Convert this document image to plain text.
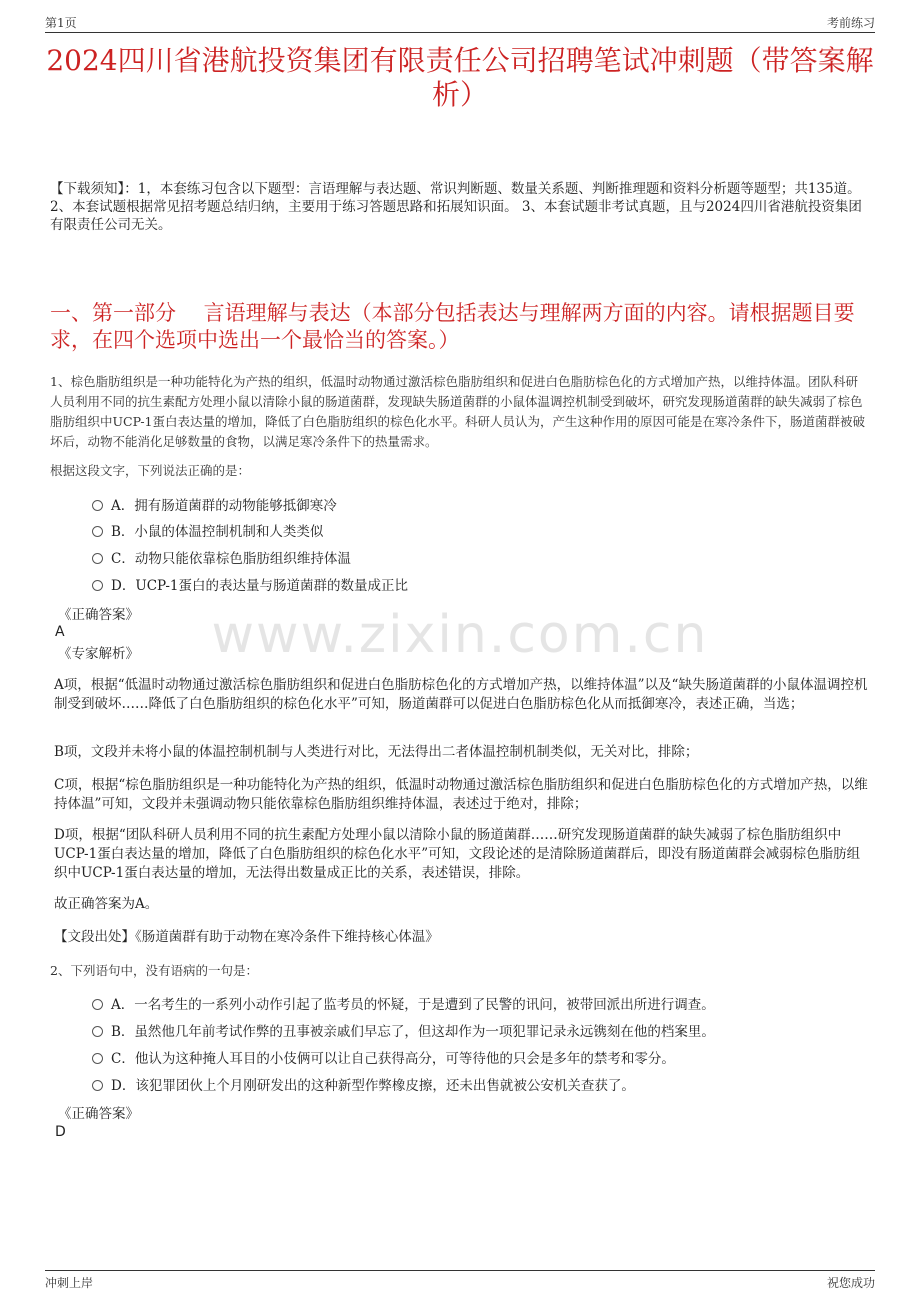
第1页	考前练习
2024四川省港航投资集团有限责任公司招聘笔试冲刺题（带答案解析）
【下载须知】：1，本套练习包含以下题型：言语理解与表达题、常识判断题、数量关系题、判断推理题和资料分析题等题型；共135道。 2、本套试题根据常见招考题总结归纳，主要用于练习答题思路和拓展知识面。 3、本套试题非考试真题，且与2024四川省港航投资集团有限责任公司无关。
一、第一部分　 言语理解与表达（本部分包括表达与理解两方面的内容。请根据题目要求，在四个选项中选出一个最恰当的答案。）
1、棕色脂肪组织是一种功能特化为产热的组织，低温时动物通过激活棕色脂肪组织和促进白色脂肪棕色化的方式增加产热，以维持体温。团队科研人员利用不同的抗生素配方处理小鼠以清除小鼠的肠道菌群，发现缺失肠道菌群的小鼠体温调控机制受到破坏，研究发现肠道菌群的缺失减弱了棕色脂肪组织中UCP-1蛋白表达量的增加，降低了白色脂肪组织的棕色化水平。科研人员认为，产生这种作用的原因可能是在寒冷条件下，肠道菌群被破坏后，动物不能消化足够数量的食物，以满足寒冷条件下的热量需求。
根据这段文字，下列说法正确的是：
A．拥有肠道菌群的动物能够抵御寒冷
B．小鼠的体温控制机制和人类类似
C．动物只能依靠棕色脂肪组织维持体温
D．UCP-1蛋白的表达量与肠道菌群的数量成正比
www.zixin.com.cn
《正确答案》
A
《专家解析》
A项，根据“低温时动物通过激活棕色脂肪组织和促进白色脂肪棕色化的方式增加产热，以维持体温”以及“缺失肠道菌群的小鼠体温调控机制受到破坏……降低了白色脂肪组织的棕色化水平”可知，肠道菌群可以促进白色脂肪棕色化从而抵御寒冷，表述正确，当选；
B项，文段并未将小鼠的体温控制机制与人类进行对比，无法得出二者体温控制机制类似，无关对比，排除；
C项，根据“棕色脂肪组织是一种功能特化为产热的组织，低温时动物通过激活棕色脂肪组织和促进白色脂肪棕色化的方式增加产热，以维持体温”可知，文段并未强调动物只能依靠棕色脂肪组织维持体温，表述过于绝对，排除；
D项，根据“团队科研人员利用不同的抗生素配方处理小鼠以清除小鼠的肠道菌群……研究发现肠道菌群的缺失减弱了棕色脂肪组织中UCP-1蛋白表达量的增加，降低了白色脂肪组织的棕色化水平”可知，文段论述的是清除肠道菌群后，即没有肠道菌群会减弱棕色脂肪组织中UCP-1蛋白表达量的增加，无法得出数量成正比的关系，表述错误，排除。
故正确答案为A。
【文段出处】《肠道菌群有助于动物在寒冷条件下维持核心体温》
2、下列语句中，没有语病的一句是：
A．一名考生的一系列小动作引起了监考员的怀疑，于是遭到了民警的讯问，被带回派出所进行调查。
B．虽然他几年前考试作弊的丑事被亲戚们早忘了，但这却作为一项犯罪记录永远镌刻在他的档案里。
C．他认为这种掩人耳目的小伎俩可以让自己获得高分，可等待他的只会是多年的禁考和零分。
D．该犯罪团伙上个月刚研发出的这种新型作弊橡皮擦，还未出售就被公安机关查获了。
《正确答案》
D
冲刺上岸	祝您成功
